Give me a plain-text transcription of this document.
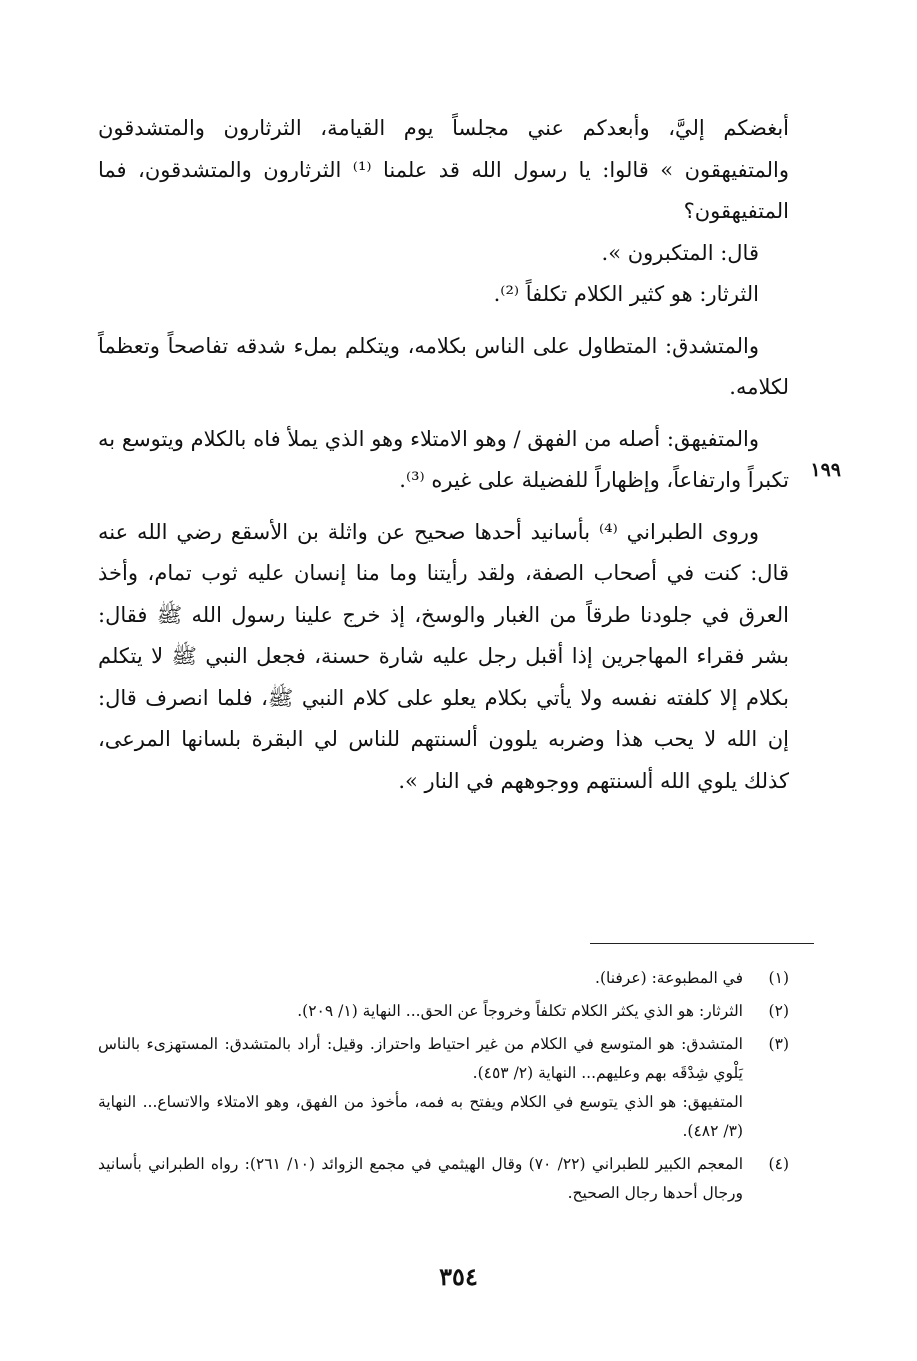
أبغضكم إليَّ، وأبعدكم عني مجلساً يوم القيامة، الثرثارون والمتشدقون والمتفيهقون » قالوا: يا رسول الله قد علمنا ⁽¹⁾ الثرثارون والمتشدقون، فما المتفيهقون؟

قال: المتكبرون ».

الثرثار: هو كثير الكلام تكلفاً ⁽²⁾.

والمتشدق: المتطاول على الناس بكلامه، ويتكلم بملء شدقه تفاصحاً وتعظماً لكلامه.

والمتفيهق: أصله من الفهق / وهو الامتلاء وهو الذي يملأ فاه بالكلام ويتوسع به تكبراً وارتفاعاً، وإظهاراً للفضيلة على غيره ⁽³⁾.

وروى الطبراني ⁽⁴⁾ بأسانيد أحدها صحيح عن واثلة بن الأسقع رضي الله عنه قال: كنت في أصحاب الصفة، ولقد رأيتنا وما منا إنسان عليه ثوب تمام، وأخذ العرق في جلودنا طرقاً من الغبار والوسخ، إذ خرج علينا رسول الله ﷺ فقال: بشر فقراء المهاجرين إذا أقبل رجل عليه شارة حسنة، فجعل النبي ﷺ لا يتكلم بكلام إلا كلفته نفسه ولا يأتي بكلام يعلو على كلام النبي ﷺ، فلما انصرف قال: إن الله لا يحب هذا وضربه يلوون ألسنتهم للناس لي البقرة بلسانها المرعى، كذلك يلوي الله ألسنتهم ووجوههم في النار ».

١٩٩
(١)
في المطبوعة: (عرفنا).
(٢)
الثرثار: هو الذي يكثر الكلام تكلفاً وخروجاً عن الحق... النهاية (١/ ٢٠٩).
(٣)
المتشدق: هو المتوسع في الكلام من غير احتياط واحتراز. وقيل: أراد بالمتشدق: المستهزىء بالناس يَلْوي شِدْقَه بهم وعليهم... النهاية (٢/ ٤٥٣).
المتفيهق: هو الذي يتوسع في الكلام ويفتح به فمه، مأخوذ من الفهق، وهو الامتلاء والاتساع... النهاية (٣/ ٤٨٢).
(٤)
المعجم الكبير للطبراني (٢٢/ ٧٠) وقال الهيثمي في مجمع الزوائد (١٠/ ٢٦١): رواه الطبراني بأسانيد ورجال أحدها رجال الصحيح.
٣٥٤
